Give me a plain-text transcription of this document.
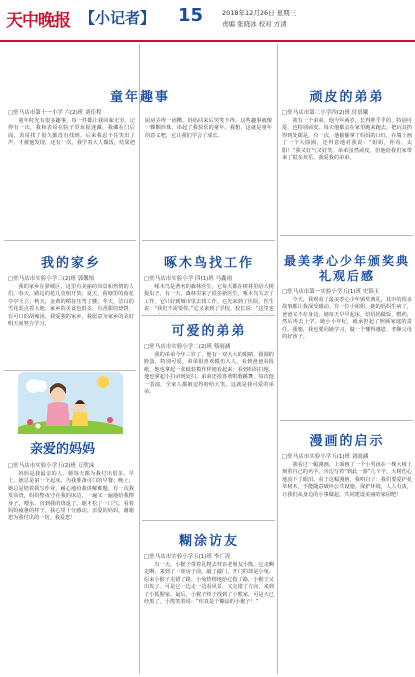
天中晚报 【小记者】 15	2018年12月26日 星期三
责编 张晓冰 校对 方清
童年趣事
□驻马店市第十一小学 六(2)班 刘佳程

童年时光有很多趣事，每一件都让我回味无穷。记得有一次，我和表哥在院子里玩捉迷藏，我藏在门后面，表哥找了很久都没有找到。后来我忍不住笑出了声，才被他发现。还有一次，我学着大人做饭，结果把厨房弄得一团糟，妈妈回来后哭笑不得。这些趣事就像一颗颗珍珠，串起了我快乐的童年。我想，这就是童年的意义吧，它让我们学会了成长。

顽皮的弟弟
□驻马店市第二小学四(2)班 付晨曦

我有一个弟弟，他今年两岁，长得胖乎乎的，特别可爱，也特别顽皮。每天他都会在家里跑来跑去，把玩具扔得到处都是。有一次，他偷偷拿了妈妈的口红，在墙上画了一个大圆圈，还得意地对我说：“姐姐，你看，太阳！”我又好气又好笑。弟弟虽然顽皮，但他给我们家带来了很多欢乐，我爱我的弟弟。

我的家乡
□驻马店市实验小学三(2)班 郭馨怡

我的家乡在驿城区，这里有美丽的风景和热情的人们。春天，路边的花儿竞相开放；夏天，荷塘里的荷花亭亭玉立；秋天，金黄的稻谷压弯了腰；冬天，洁白的雪花装点着大地。家乡的美食也很多，有香甜的烧饼，有可口的胡辣汤。我爱我的家乡，我愿意为家乡的美好明天而努力学习。

啄木鸟找工作
□驻马店市实验小学 四(1)班 马鑫雨

啄木鸟是著名的森林医生，它每天都在树林里给大树捉虫子。有一天，森林里来了很多新医生，啄木鸟失去了工作。它只好到城市里去找工作。它先来到了医院，医生说：“我们不需要你。”它又来到了学校，校长说：“这里也

最美孝心少年颁奖典礼观后感
□驻马店市第一实验小学五(1)班 史锦玉

今天，我观看了最美孝心少年颁奖典礼，其中的很多故事都让我深受感动。有一位小姐姐，她的妈妈生病了，爸爸又不在身边，她每天早早起床，给妈妈做饭、喂药，然后再去上学。她小小年纪，就承担起了照顾家庭的责任。我想，我也要向她学习，做一个懂得感恩、孝顺父母的好孩子。

亲爱的妈妈
□驻马店市实验小学五(2)班 万欣沫

妈妈是我最亲的人，她每天都为我付出很多。早上，她总是第一个起床，为我准备可口的早餐；晚上，她总是陪着我写作业，耐心地给我讲解难题。有一次我发高烧，妈妈整夜守在我的床边，一遍又一遍地给我擦身子、喂水，直到我的烧退了，她才松了一口气。看着妈妈疲惫的样子，我心里十分感动。亲爱的妈妈，谢谢您为我付出的一切，我爱您！

可爱的弟弟
□驻马店市实验小学二(2)班 蔡雨涵

我的弟弟今年三岁了，他有一双大大的眼睛，圆圆的脸蛋，特别可爱。弟弟很喜欢模仿大人，看到爸爸看报纸，他也拿起一张纸装模作样地看起来；看到妈妈扫地，他也拿起小扫帚到处扫。弟弟还很喜欢唱歌跳舞，每次他一表演，全家人都被逗得哈哈大笑。这就是我可爱的弟弟。

漫画的启示
□驻马店市实验小学五(1)班 刘雨涵

我看过一幅漫画，上面画了一个小男孩在一棵大树上刻着自己的名字，旁边写着“到此一游”几个字。大树伤心地流下了眼泪。看了这幅漫画，我明白了：我们要爱护花草树木，不能随意破坏公共设施。保护环境，人人有责，让我们从身边的小事做起，共同建设美丽的家园吧！

糊涂访友
□驻马店市实验小学五(1)班 李广涛

有一天，小猴子带着礼物去拜访老朋友小熊。它走啊走啊，来到了一座房子前，敲了敲门，开门的却是小兔。原来小猴子走错了路。小兔热情地给它指了路，小猴子又出发了。可是它一边走一边看风景，又走错了方向，来到了小狐狸家。最后，小猴子终于找到了小熊家，可是天已经黑了。小熊笑着说：“你真是个糊涂的小猴子！”
